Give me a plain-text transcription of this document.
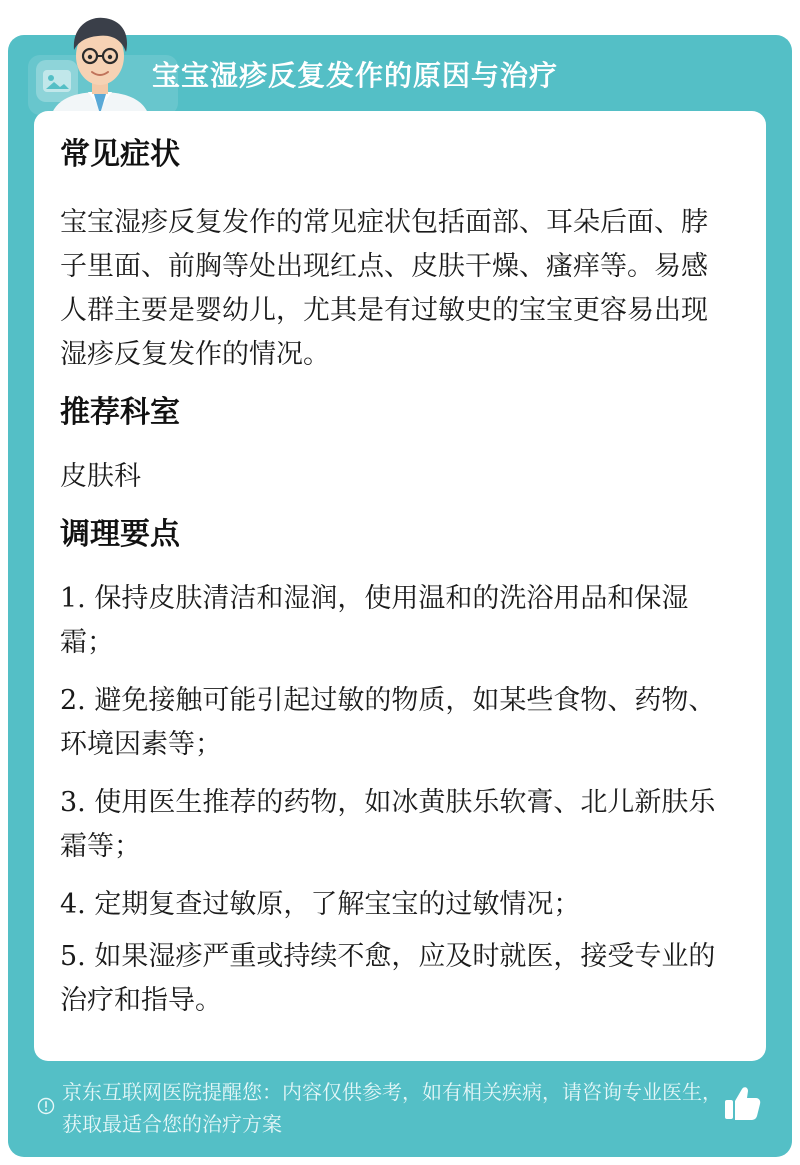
宝宝湿疹反复发作的原因与治疗

常见症状

宝宝湿疹反复发作的常见症状包括面部、耳朵后面、脖子里面、前胸等处出现红点、皮肤干燥、瘙痒等。易感人群主要是婴幼儿，尤其是有过敏史的宝宝更容易出现湿疹反复发作的情况。

推荐科室

皮肤科

调理要点

1. 保持皮肤清洁和湿润，使用温和的洗浴用品和保湿霜；
2. 避免接触可能引起过敏的物质，如某些食物、药物、环境因素等；
3. 使用医生推荐的药物，如冰黄肤乐软膏、北儿新肤乐霜等；
4. 定期复查过敏原，了解宝宝的过敏情况；
5. 如果湿疹严重或持续不愈，应及时就医，接受专业的治疗和指导。
京东互联网医院提醒您：内容仅供参考，如有相关疾病，请咨询专业医生，获取最适合您的治疗方案
